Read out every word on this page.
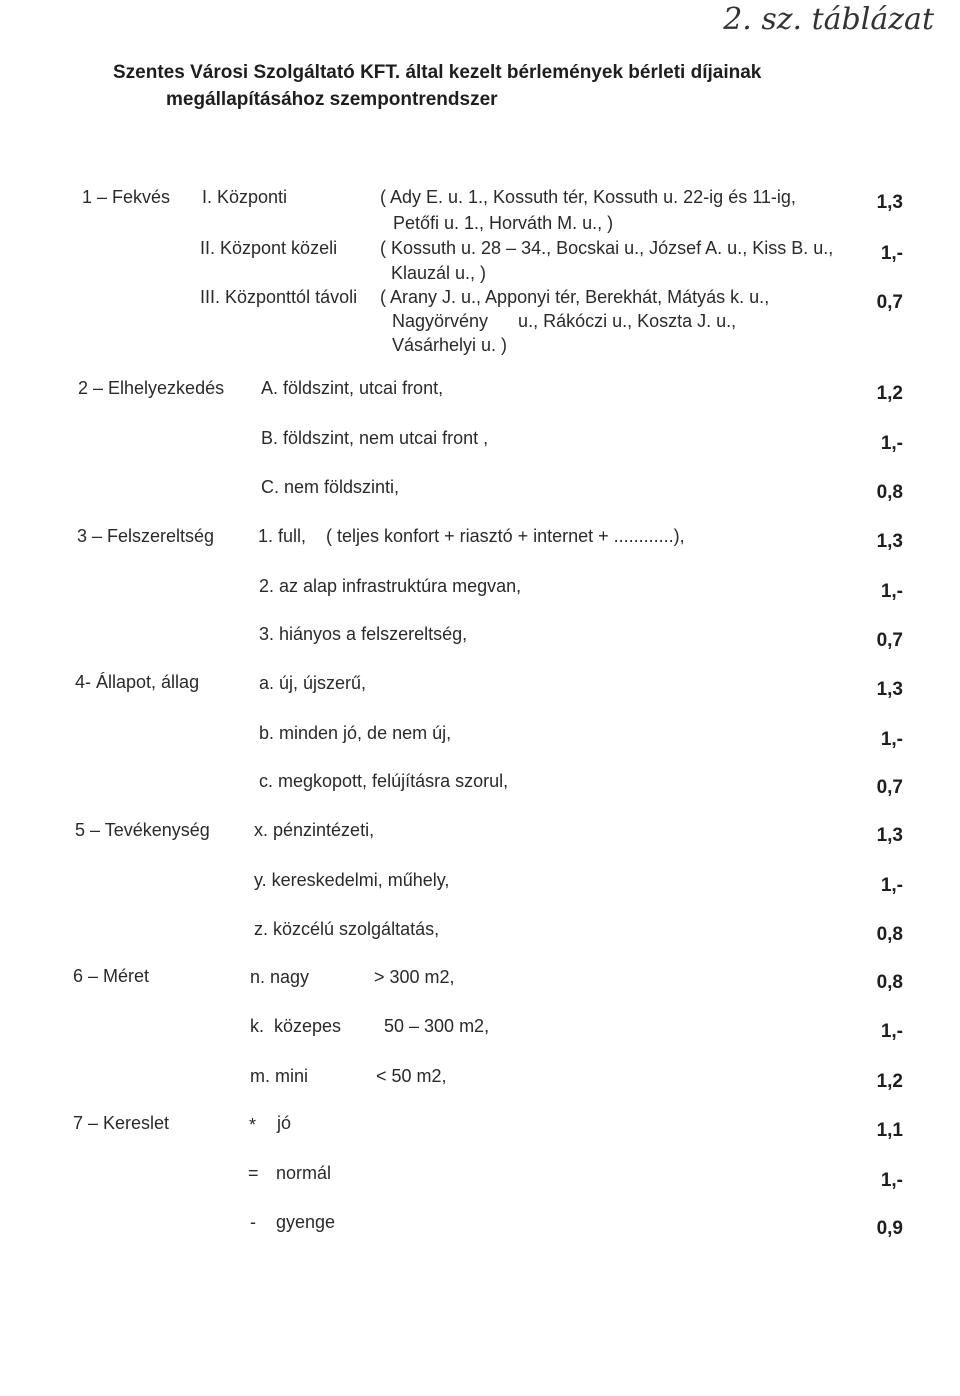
2. sz. táblázat
Szentes Városi Szolgáltató KFT. által kezelt bérlemények bérleti díjainak
megállapításához szempontrendszer
1 – Fekvés I. Központi	( Ady E. u. 1., Kossuth tér, Kossuth u. 22-ig és 11-ig,
Petőfi u. 1., Horváth M. u., )
1,3
II. Központ közeli ( Kossuth u. 28 – 34., Bocskai u., József A. u., Kiss B. u.,
Klauzál u., )
1,-
III. Központtól távoli ( Arany J. u., Apponyi tér, Berekhát, Mátyás k. u.,
Nagyörvény      u., Rákóczi u., Koszta J. u.,
Vásárhelyi u. )
0,7
2 – Elhelyezkedés A. földszint, utcai front,	1,2
B. földszint, nem utcai front ,	1,-
C. nem földszinti,	0,8
3 – Felszereltség 1. full,    ( teljes konfort + riasztó + internet + ............),	1,3
2. az alap infrastruktúra megvan,	1,-
3. hiányos a felszereltség,	0,7
4- Állapot, állag	a. új, újszerű,	1,3
b. minden jó, de nem új,	1,-
c. megkopott, felújításra szorul,	0,7
5 – Tevékenység x. pénzintézeti,	1,3
y. kereskedelmi, műhely,	1,-
z. közcélú szolgáltatás,	0,8
6 – Méret	n. nagy	> 300 m2,	0,8
k.  közepes 50 – 300 m2,	1,-
m. mini	< 50 m2,	1,2
7 – Kereslet	* jó	1,1
= normál	1,-
- gyenge	0,9
